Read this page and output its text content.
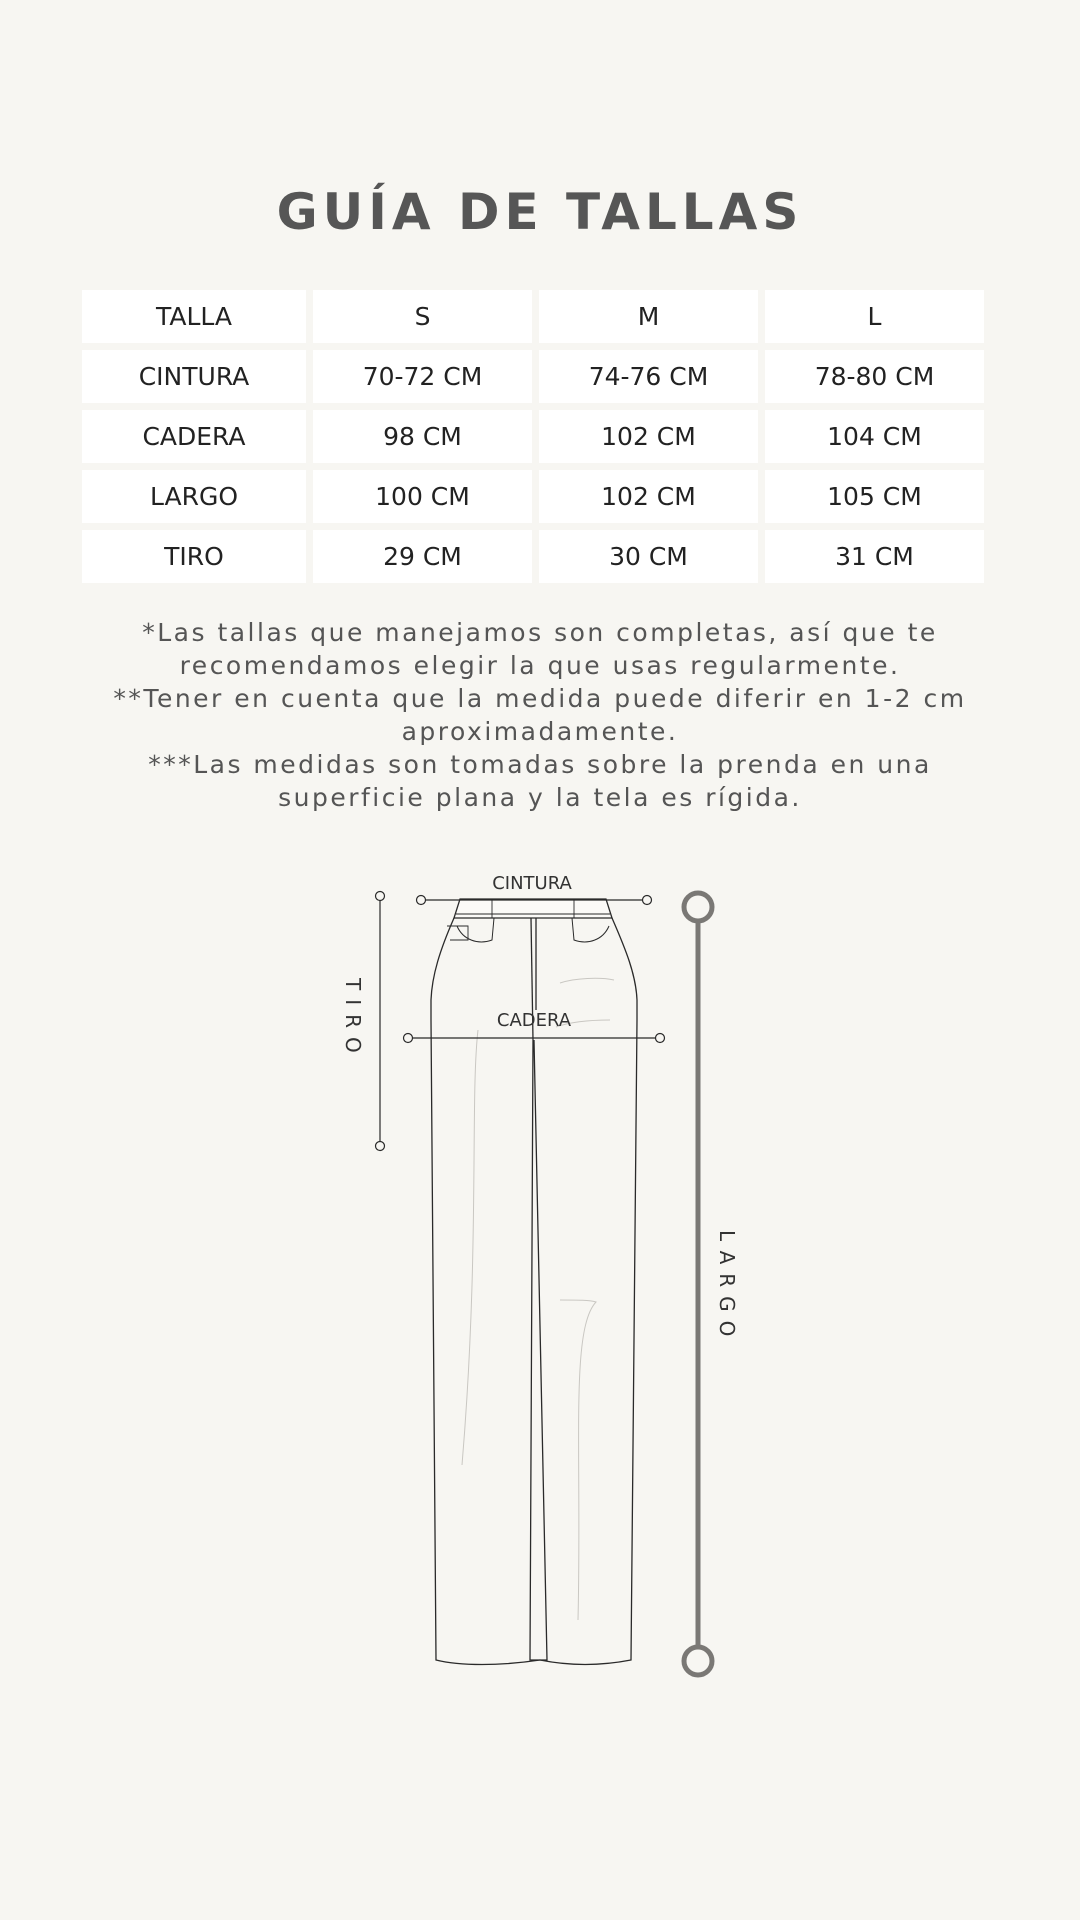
GUÍA DE TALLAS
TALLA	S	M	L
CINTURA	70-72 CM	74-76 CM	78-80 CM
CADERA	98 CM	102 CM	104 CM
LARGO	100 CM	102 CM	105 CM
TIRO	29 CM	30 CM	31 CM

*Las tallas que manejamos son completas, así que te recomendamos elegir la que usas regularmente.

**Tener en cuenta que la medida puede diferir en 1-2 cm aproximadamente.

***Las medidas son tomadas sobre la prenda en una superficie plana y la tela es rígida.

CINTURA
CADERA
TIRO
LARGO
